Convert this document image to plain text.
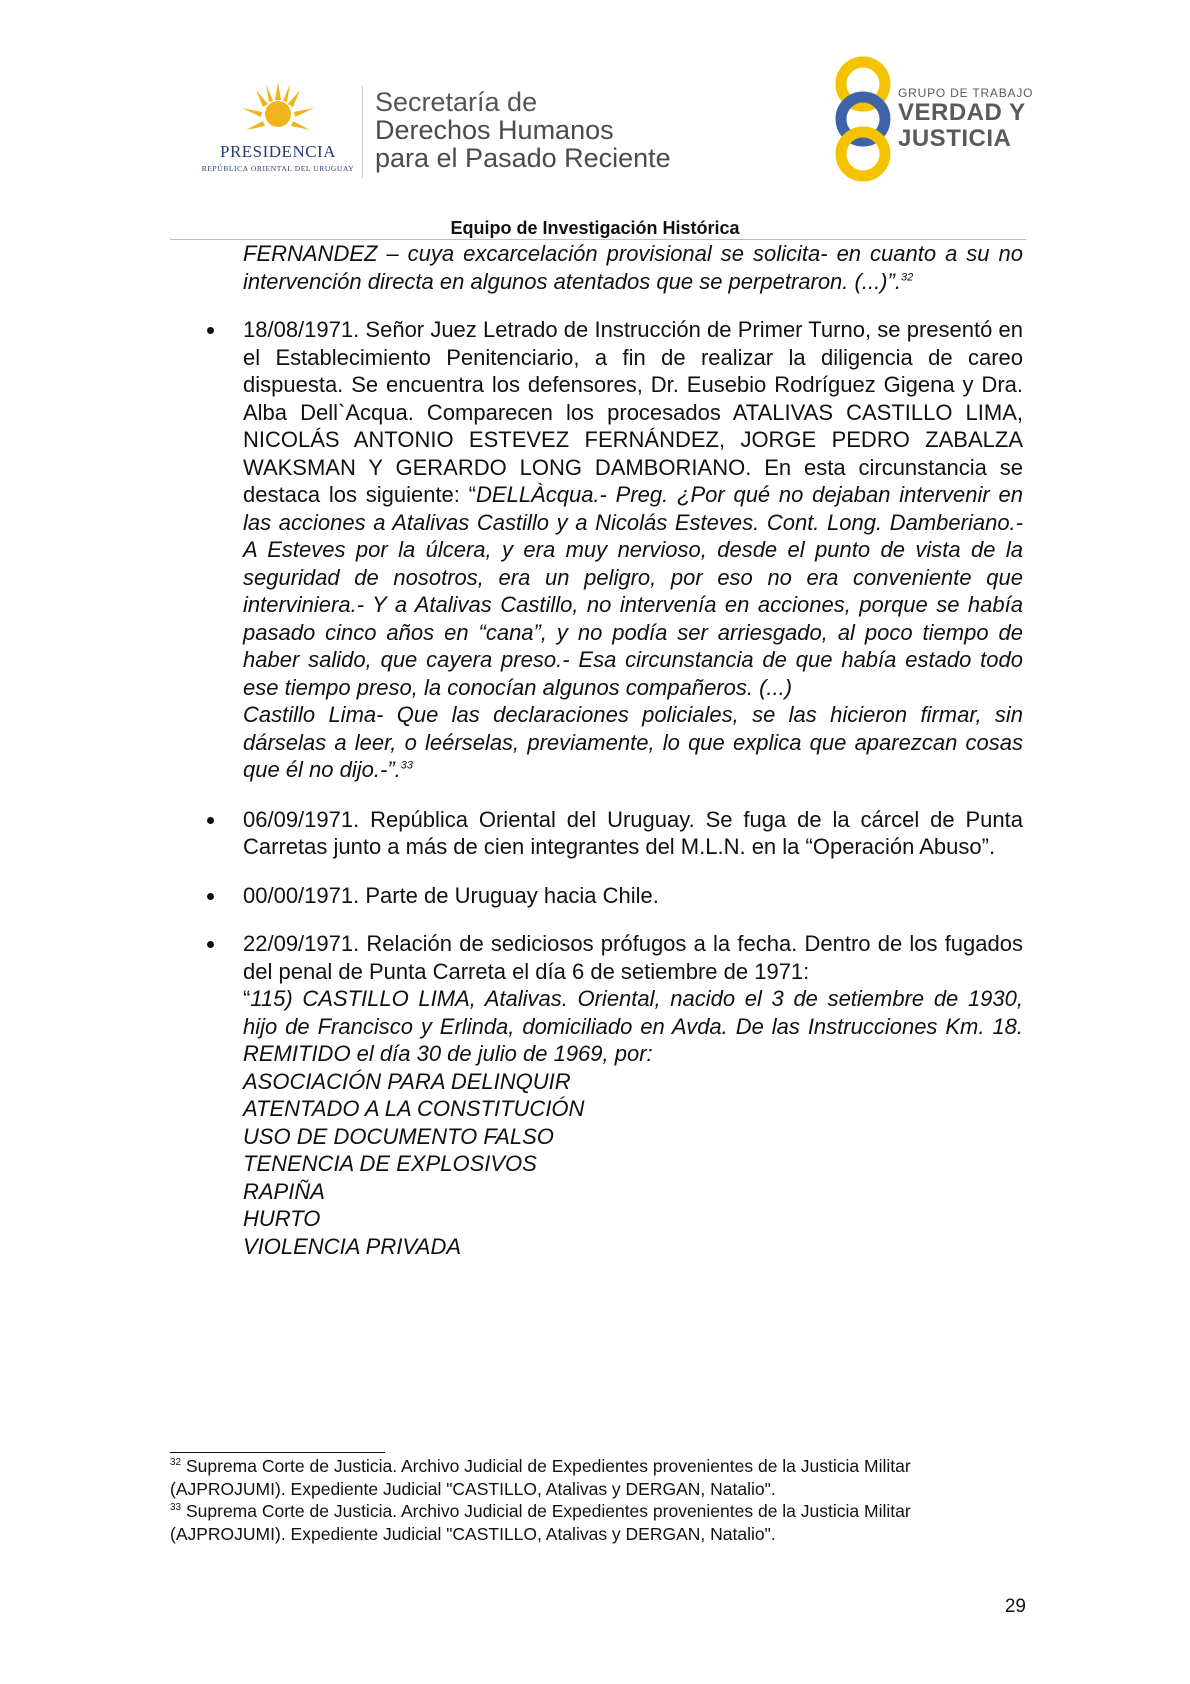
PRESIDENCIA
REPÚBLICA ORIENTAL DEL URUGUAY
Secretaría de
Derechos Humanos
para el Pasado Reciente
GRUPO DE TRABAJO
VERDAD Y
JUSTICIA
Equipo de Investigación Histórica

FERNANDEZ – cuya excarcelación provisional se solicita- en cuanto a su no intervención directa en algunos atentados que se perpetraron. (...)”.$^{32}$

18/08/1971. Señor Juez Letrado de Instrucción de Primer Turno, se presentó en el Establecimiento Penitenciario, a fin de realizar la diligencia de careo dispuesta. Se encuentra los defensores, Dr. Eusebio Rodríguez Gigena y Dra. Alba Dell`Acqua. Comparecen los procesados ATALIVAS CASTILLO LIMA, NICOLÁS ANTONIO ESTEVEZ FERNÁNDEZ, JORGE PEDRO ZABALZA WAKSMAN Y GERARDO LONG DAMBORIANO. En esta circunstancia se destaca los siguiente: “DELLÀcqua.- Preg. ¿Por qué no dejaban intervenir en las acciones a Atalivas Castillo y a Nicolás Esteves. Cont. Long. Damberiano.- A Esteves por la úlcera, y era muy nervioso, desde el punto de vista de la seguridad de nosotros, era un peligro, por eso no era conveniente que interviniera.- Y a Atalivas Castillo, no intervenía en acciones, porque se había pasado cinco años en “cana”, y no podía ser arriesgado, al poco tiempo de haber salido, que cayera preso.- Esa circunstancia de que había estado todo ese tiempo preso, la conocían algunos compañeros. (...)

Castillo Lima- Que las declaraciones policiales, se las hicieron firmar, sin dárselas a leer, o leérselas, previamente, lo que explica que aparezcan cosas que él no dijo.-”.$^{33}$

06/09/1971. República Oriental del Uruguay. Se fuga de la cárcel de Punta Carretas junto a más de cien integrantes del M.L.N. en la “Operación Abuso”.

00/00/1971. Parte de Uruguay hacia Chile.

22/09/1971. Relación de sediciosos prófugos a la fecha. Dentro de los fugados del penal de Punta Carreta el día 6 de setiembre de 1971:

“115) CASTILLO LIMA, Atalivas. Oriental, nacido el 3 de setiembre de 1930, hijo de Francisco y Erlinda, domiciliado en Avda. De las Instrucciones Km. 18. REMITIDO el día 30 de julio de 1969, por:

ASOCIACIÓN PARA DELINQUIR
ATENTADO A LA CONSTITUCIÓN
USO DE DOCUMENTO FALSO
TENENCIA DE EXPLOSIVOS
RAPIÑA
HURTO
VIOLENCIA PRIVADA

$^{32}$ Suprema Corte de Justicia. Archivo Judicial de Expedientes provenientes de la Justicia Militar (AJPROJUMI). Expediente Judicial "CASTILLO, Atalivas y DERGAN, Natalio".

$^{33}$ Suprema Corte de Justicia. Archivo Judicial de Expedientes provenientes de la Justicia Militar (AJPROJUMI). Expediente Judicial "CASTILLO, Atalivas y DERGAN, Natalio".

29
